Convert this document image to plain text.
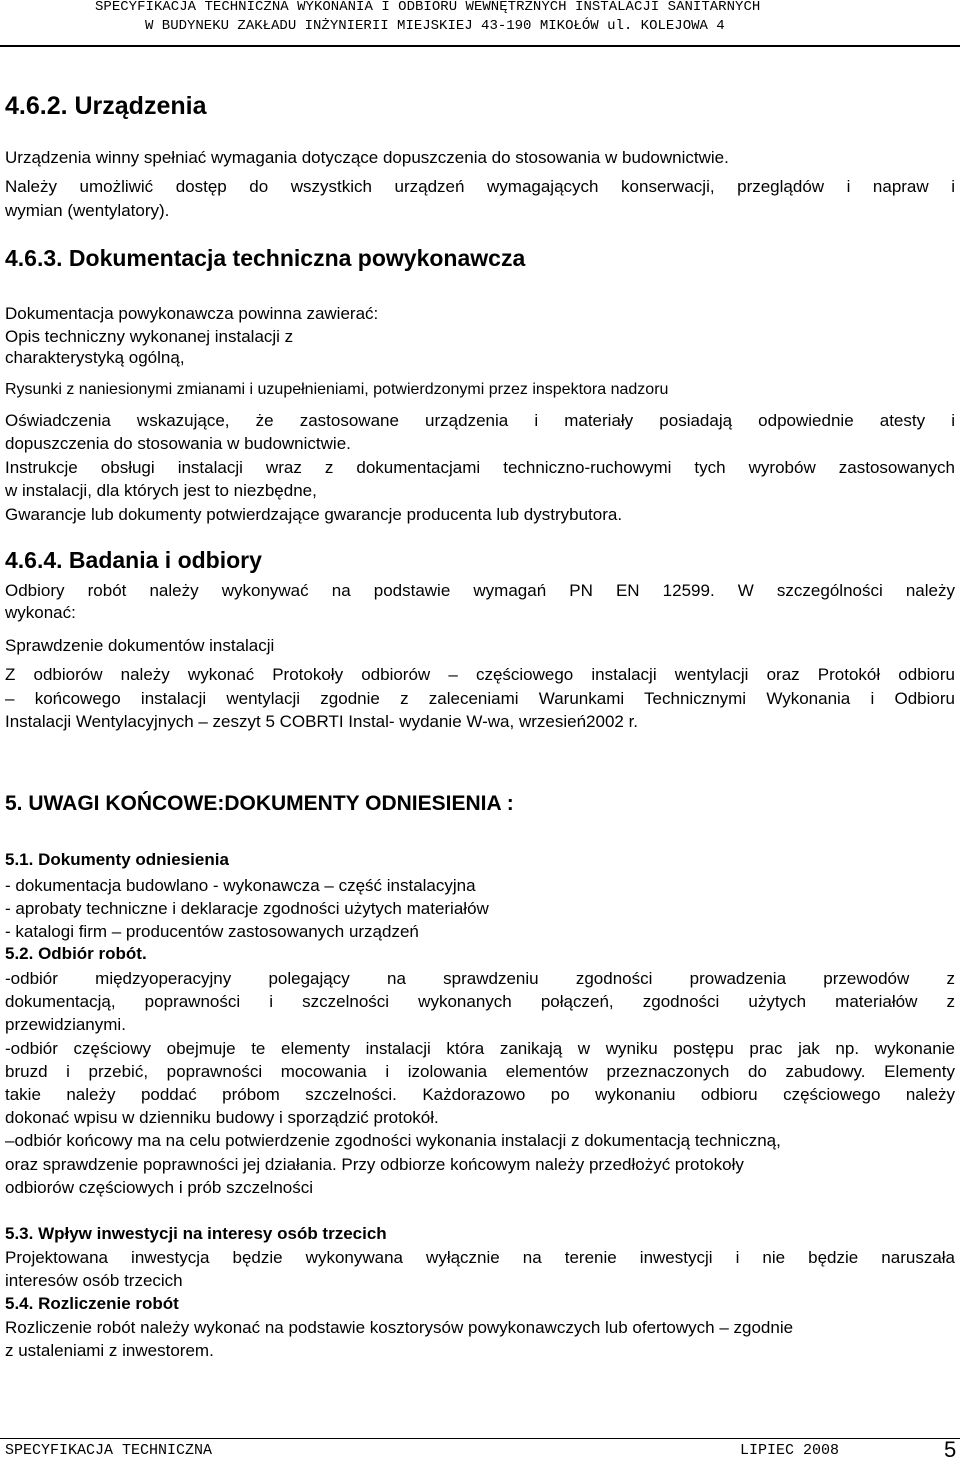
SPECYFIKACJA TECHNICZNA WYKONANIA I ODBIORU WEWNĘTRZNYCH INSTALACJI SANITARNYCH
W BUDYNEKU ZAKŁADU INŻYNIERII MIEJSKIEJ 43-190 MIKOŁÓW ul. KOLEJOWA 4
4.6.2. Urządzenia
Urządzenia winny spełniać wymagania dotyczące dopuszczenia do stosowania w budownictwie.
Należy umożliwić dostęp do wszystkich urządzeń wymagających konserwacji, przeglądów i napraw i
wymian (wentylatory).
4.6.3. Dokumentacja techniczna powykonawcza
Dokumentacja powykonawcza powinna zawierać:
Opis techniczny wykonanej instalacji z
charakterystyką ogólną,
Rysunki z naniesionymi zmianami i uzupełnieniami, potwierdzonymi przez inspektora nadzoru
Oświadczenia wskazujące, że zastosowane urządzenia i materiały posiadają odpowiednie atesty i
dopuszczenia do stosowania w budownictwie.
Instrukcje obsługi instalacji wraz z dokumentacjami techniczno-ruchowymi tych wyrobów zastosowanych
w instalacji, dla których jest to niezbędne,
Gwarancje lub dokumenty potwierdzające gwarancje producenta lub dystrybutora.
4.6.4. Badania i odbiory
Odbiory robót należy wykonywać na podstawie wymagań PN EN 12599. W szczególności należy
wykonać:
Sprawdzenie dokumentów instalacji
Z odbiorów należy wykonać Protokoły odbiorów – częściowego instalacji wentylacji oraz Protokół odbioru
– końcowego instalacji wentylacji zgodnie z zaleceniami Warunkami Technicznymi Wykonania i Odbioru
Instalacji Wentylacyjnych – zeszyt 5 COBRTI Instal- wydanie W-wa, wrzesień2002 r.
5. UWAGI KOŃCOWE:DOKUMENTY ODNIESIENIA :
5.1. Dokumenty odniesienia
- dokumentacja budowlano - wykonawcza – część instalacyjna
- aprobaty techniczne i deklaracje zgodności użytych materiałów
- katalogi firm – producentów zastosowanych urządzeń
5.2. Odbiór robót.
-odbiór międzyoperacyjny polegający na sprawdzeniu zgodności prowadzenia przewodów z
dokumentacją, poprawności i szczelności wykonanych połączeń, zgodności użytych materiałów z
przewidzianymi.
-odbiór częściowy obejmuje te elementy instalacji która zanikają w wyniku postępu prac jak np. wykonanie
bruzd i przebić, poprawności mocowania i izolowania elementów przeznaczonych do zabudowy. Elementy
takie należy poddać próbom szczelności. Każdorazowo po wykonaniu odbioru częściowego należy
dokonać wpisu w dzienniku budowy i sporządzić protokół.
–odbiór końcowy ma na celu potwierdzenie zgodności wykonania instalacji z dokumentacją techniczną,
oraz sprawdzenie poprawności jej działania. Przy odbiorze końcowym należy przedłożyć protokoły
odbiorów częściowych i prób szczelności
5.3. Wpływ inwestycji na interesy osób trzecich
Projektowana inwestycja będzie wykonywana wyłącznie na terenie inwestycji i nie będzie naruszała
interesów osób trzecich
5.4. Rozliczenie robót
Rozliczenie robót należy wykonać na podstawie kosztorysów powykonawczych lub ofertowych – zgodnie
z ustaleniami z inwestorem.
SPECYFIKACJA TECHNICZNA	LIPIEC 2008	5
